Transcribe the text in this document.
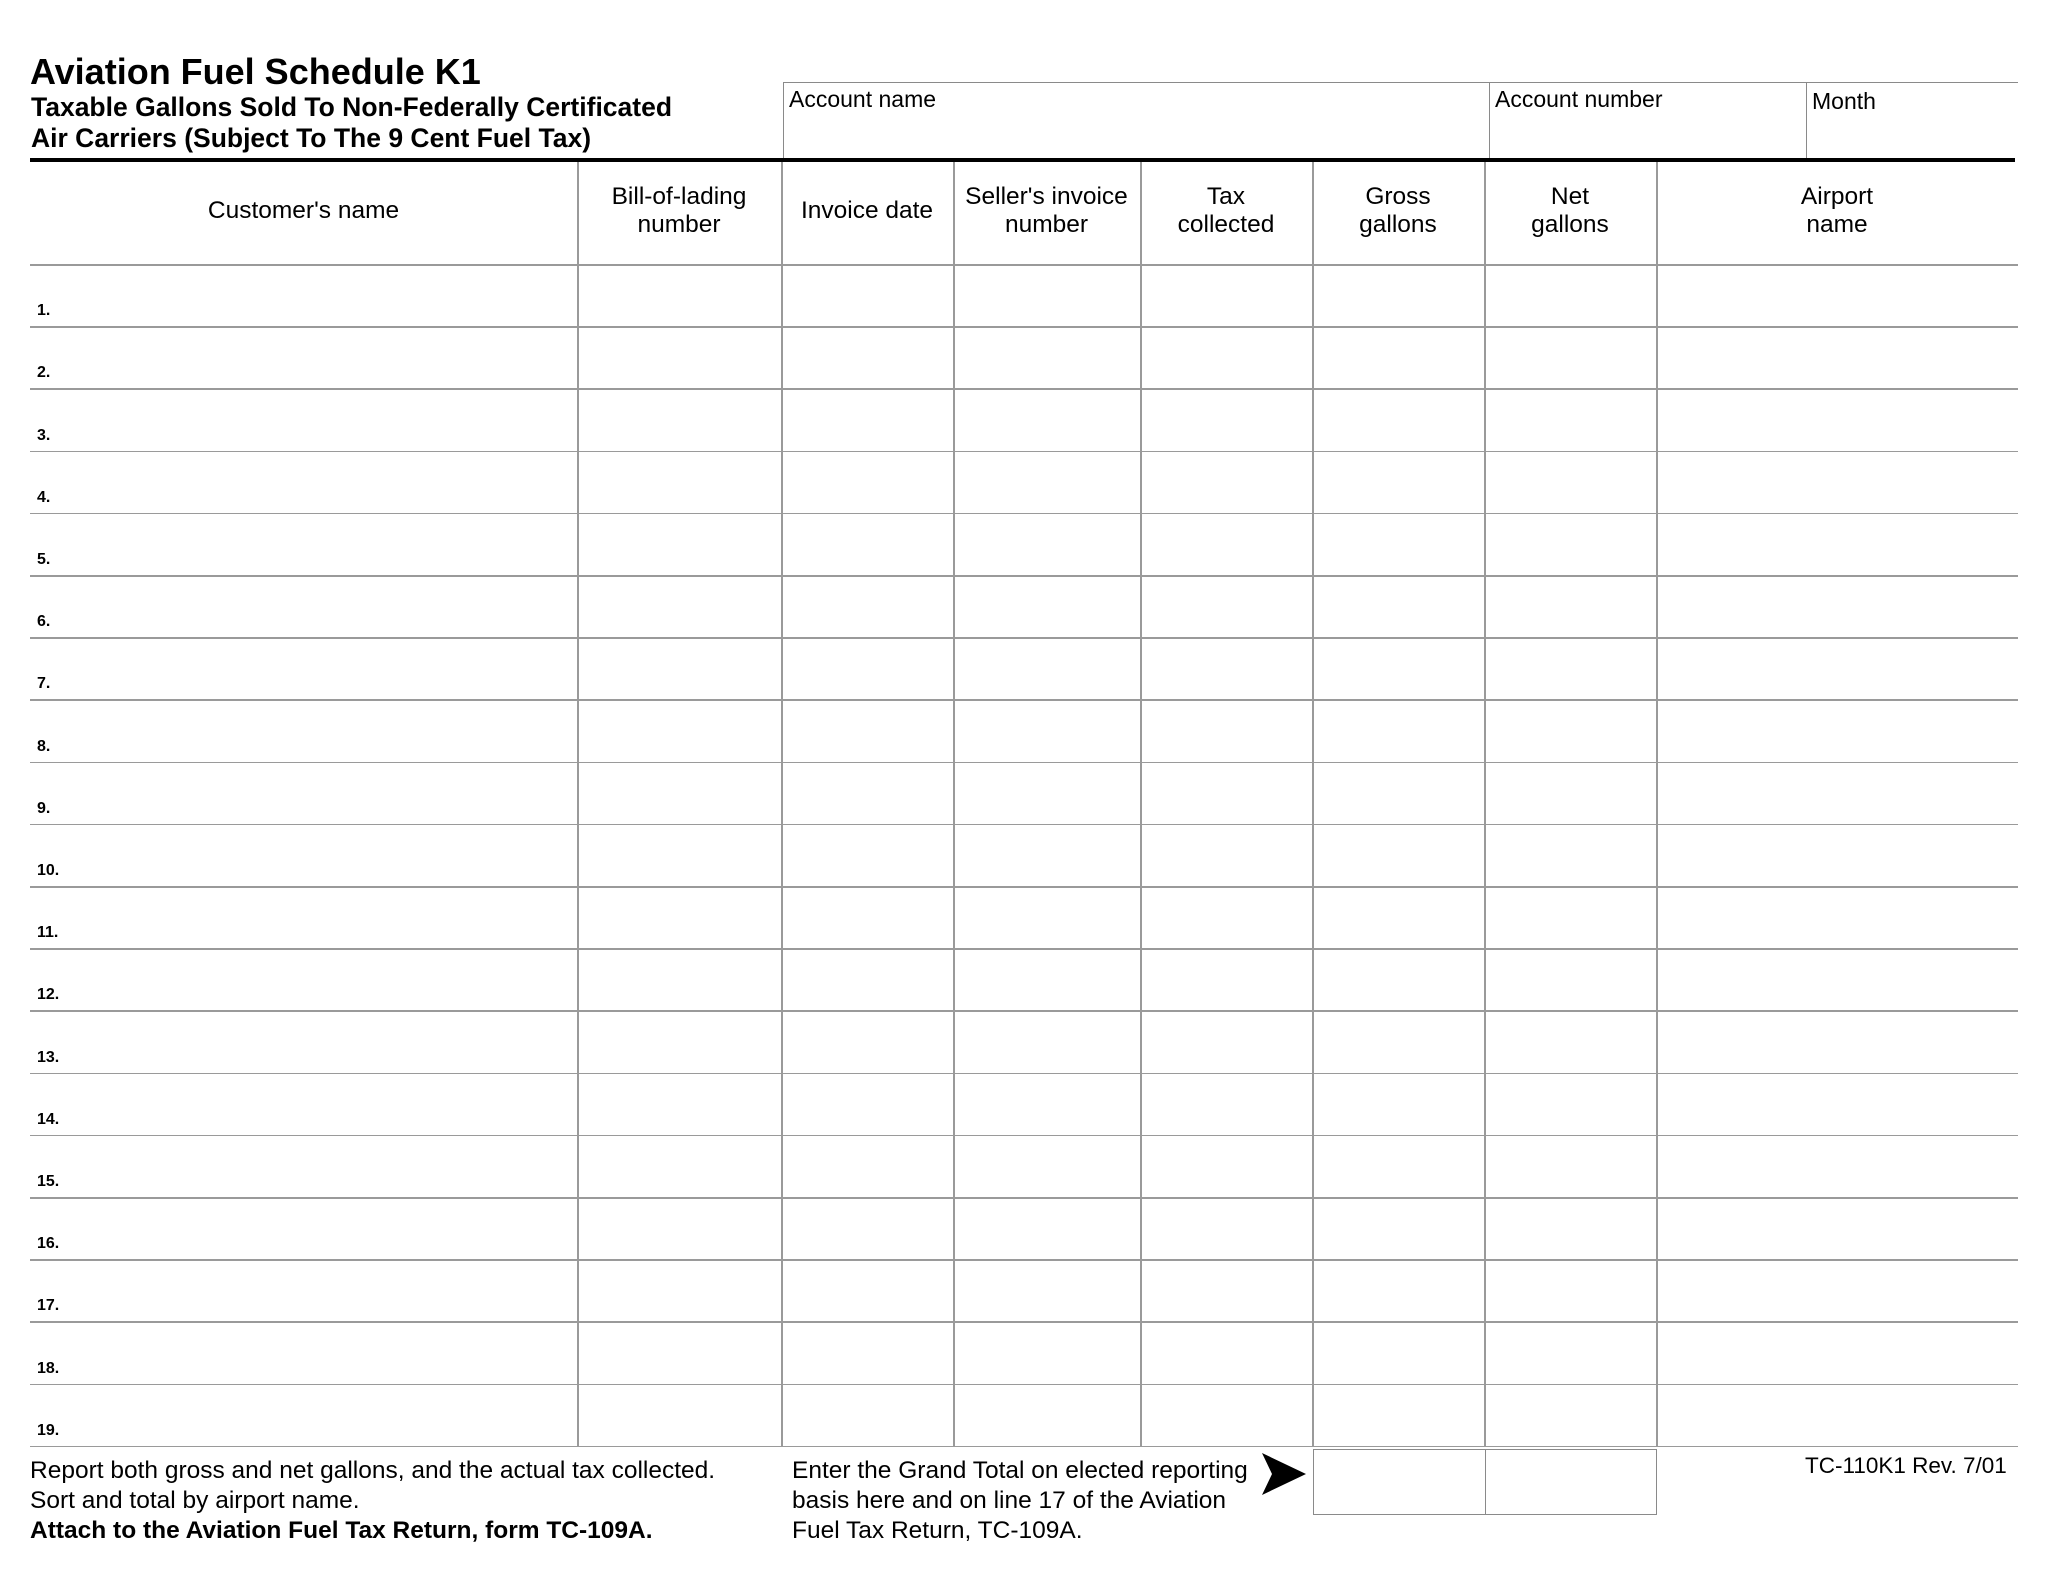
Aviation Fuel Schedule K1
Taxable Gallons Sold To Non-Federally Certificated
Air Carriers (Subject To The 9 Cent Fuel Tax)
Account name	Account number	Month
Customer's name
Bill-of-lading
number
Invoice date
Seller's invoice
number
Tax
collected
Gross
gallons
Net
gallons
Airport
name
1.
2.
3.
4.
5.
6.
7.
8.
9.
10.
11.
12.
13.
14.
15.
16.
17.
18.
19.
Report both gross and net gallons, and the actual tax collected.
Sort and total by airport name.
Attach to the Aviation Fuel Tax Return, form TC-109A.
Enter the Grand Total on elected reporting
basis here and on line 17 of the Aviation
Fuel Tax Return, TC-109A.
TC-110K1 Rev. 7/01
